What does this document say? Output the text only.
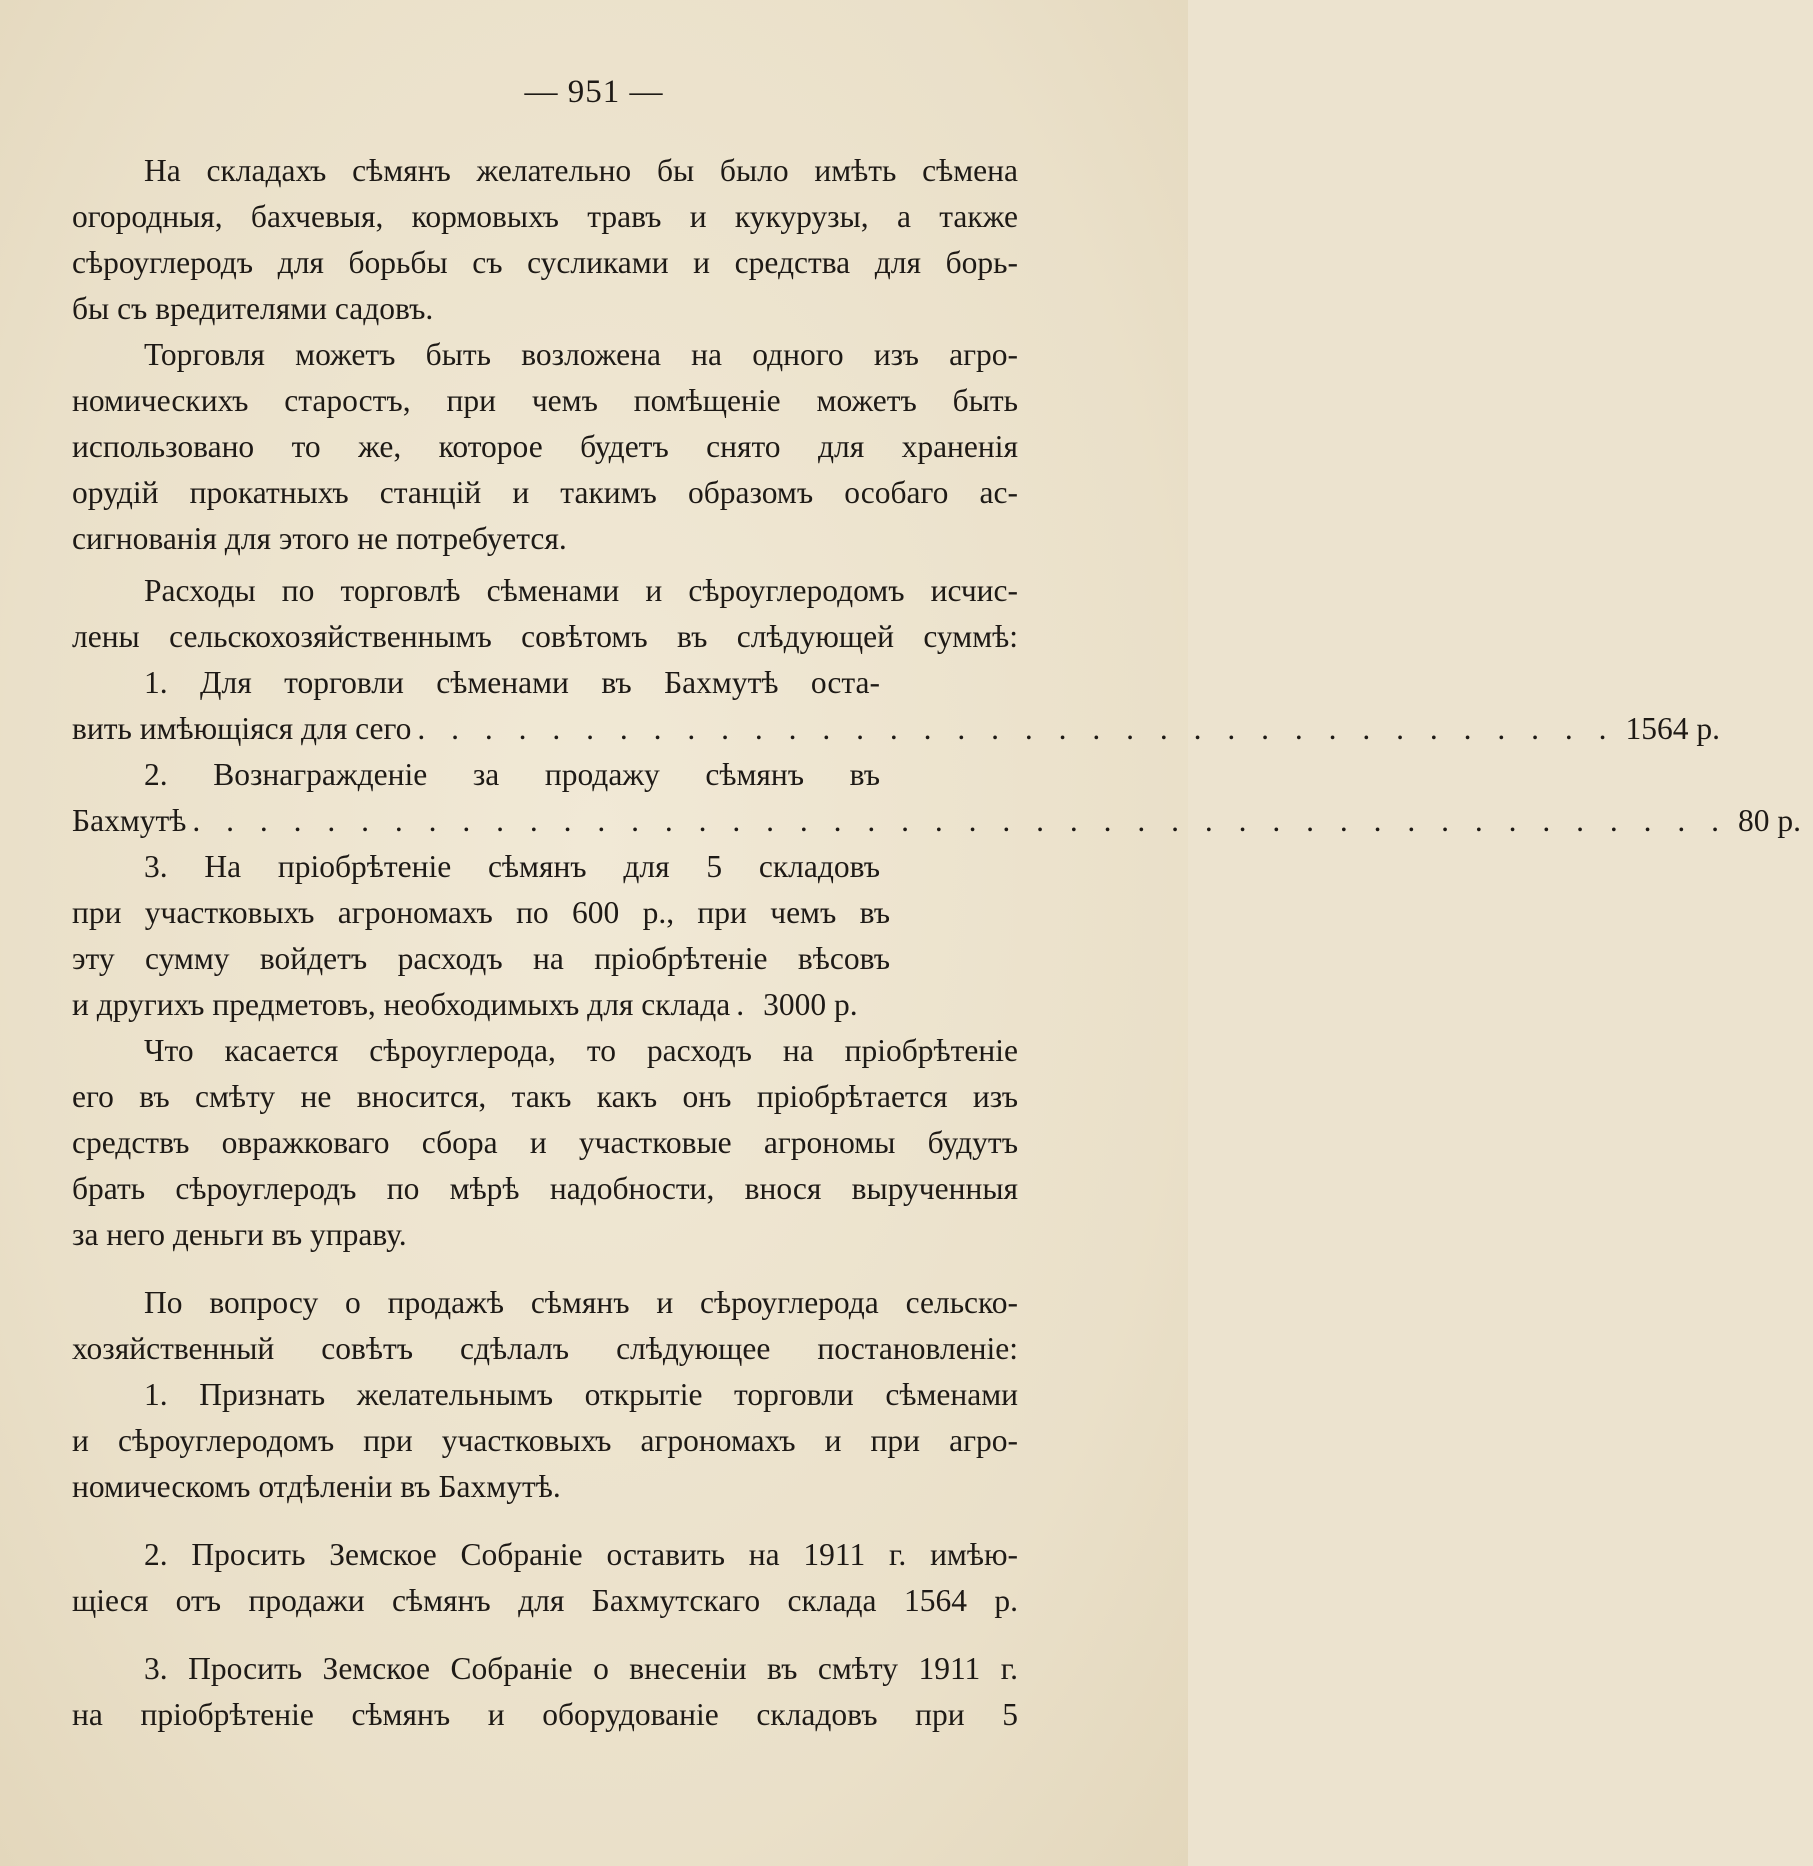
— 951 —
На складахъ сѣмянъ желательно бы было имѣть сѣмена
огородныя, бахчевыя, кормовыхъ травъ и кукурузы, а также
сѣроуглеродъ для борьбы съ сусликами и средства для борь-
бы съ вредителями садовъ.
Торговля можетъ быть возложена на одного изъ агро-
номическихъ старостъ, при чемъ помѣщеніе можетъ быть
использовано то же, которое будетъ снято для храненія
орудій прокатныхъ станцій и такимъ образомъ особаго ас-
сигнованія для этого не потребуется.
Расходы по торговлѣ сѣменами и сѣроуглеродомъ исчис-
лены сельскохозяйственнымъ совѣтомъ въ слѣдующей суммѣ:
1. Для торговли сѣменами въ Бахмутѣ оста-
вить имѣющіяся для сего . . . . . . . . . . . . . . . . . . . . . . . . . . . . . . . . . . . . 1564 р.
2. Вознагражденіе за продажу сѣмянъ въ
Бахмутѣ . . . . . . . . . . . . . . . . . . . . . . . . . . . . . . . . . . . . . . . . . . . . . . 80 р.
3. На пріобрѣтеніе сѣмянъ для 5 складовъ
при участковыхъ агрономахъ по 600 р., при чемъ въ
эту сумму войдетъ расходъ на пріобрѣтеніе вѣсовъ
и другихъ предметовъ, необходимыхъ для склада . 3000 р.
Что касается сѣроуглерода, то расходъ на пріобрѣтеніе
его въ смѣту не вносится, такъ какъ онъ пріобрѣтается изъ
средствъ овражковаго сбора и участковые агрономы будутъ
брать сѣроуглеродъ по мѣрѣ надобности, внося вырученныя
за него деньги въ управу.
По вопросу о продажѣ сѣмянъ и сѣроуглерода сельско-
хозяйственный совѣтъ сдѣлалъ слѣдующее постановленіе:
1. Признать желательнымъ открытіе торговли сѣменами
и сѣроуглеродомъ при участковыхъ агрономахъ и при агро-
номическомъ отдѣленіи въ Бахмутѣ.
2. Просить Земское Собраніе оставить на 1911 г. имѣю-
щіеся отъ продажи сѣмянъ для Бахмутскаго склада 1564 р.
3. Просить Земское Собраніе о внесеніи въ смѣту 1911 г.
на пріобрѣтеніе сѣмянъ и оборудованіе складовъ при 5
